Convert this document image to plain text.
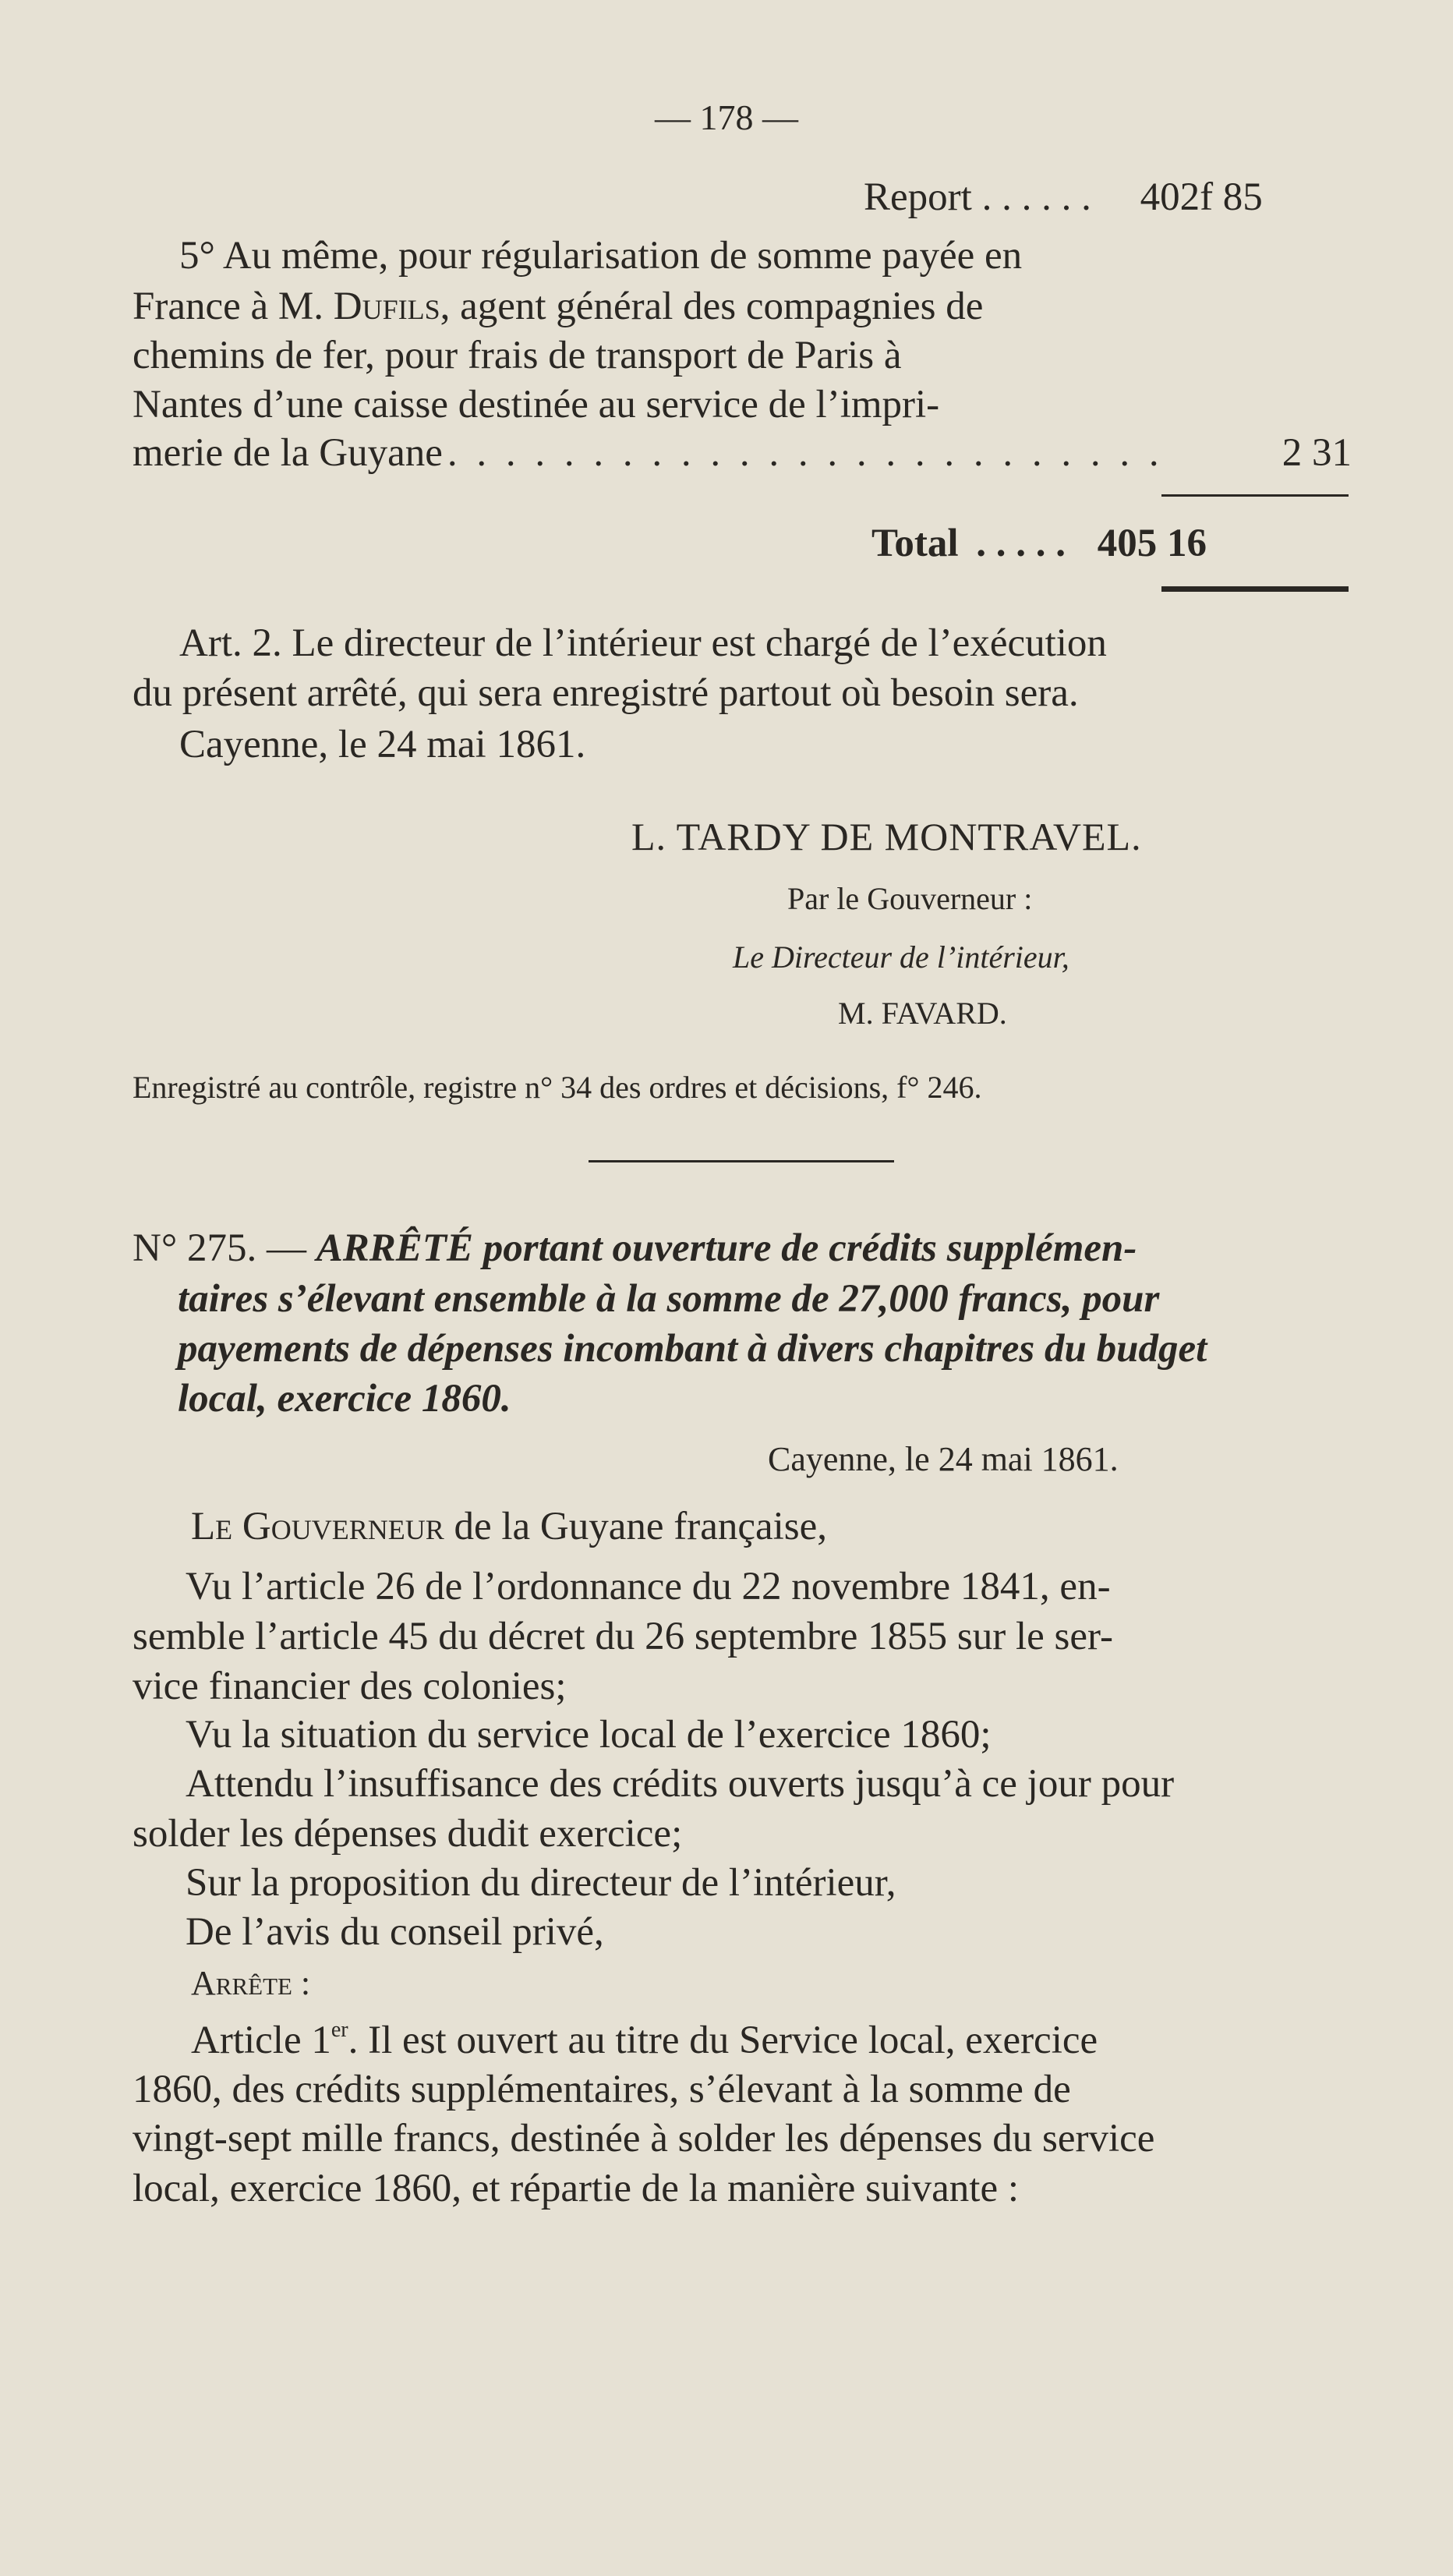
— 178 —
Report . . . . . . 402f 85
5° Au même, pour régularisation de somme payée en
France à M. Dufils, agent général des compagnies de
chemins de fer, pour frais de transport de Paris à
Nantes d’une caisse destinée au service de l’impri-
merie de la Guyane . . . . . . . . . . . . . . . . . . . . . . . . .	2 31
Total . . . . . 405 16
Art. 2. Le directeur de l’intérieur est chargé de l’exécution
du présent arrêté, qui sera enregistré partout où besoin sera.
Cayenne, le 24 mai 1861.
L. TARDY DE MONTRAVEL.
Par le Gouverneur :
Le Directeur de l’intérieur,
M. FAVARD.
Enregistré au contrôle, registre n° 34 des ordres et décisions, f° 246.
N° 275. — ARRÊTÉ portant ouverture de crédits supplémen-
taires s’élevant ensemble à la somme de 27,000 francs, pour
payements de dépenses incombant à divers chapitres du budget
local, exercice 1860.
Cayenne, le 24 mai 1861.
Le Gouverneur de la Guyane française,
Vu l’article 26 de l’ordonnance du 22 novembre 1841, en-
semble l’article 45 du décret du 26 septembre 1855 sur le ser-
vice financier des colonies;
Vu la situation du service local de l’exercice 1860;
Attendu l’insuffisance des crédits ouverts jusqu’à ce jour pour
solder les dépenses dudit exercice;
Sur la proposition du directeur de l’intérieur,
De l’avis du conseil privé,
Arrête :
Article 1er. Il est ouvert au titre du Service local, exercice
1860, des crédits supplémentaires, s’élevant à la somme de
vingt-sept mille francs, destinée à solder les dépenses du service
local, exercice 1860, et répartie de la manière suivante :
